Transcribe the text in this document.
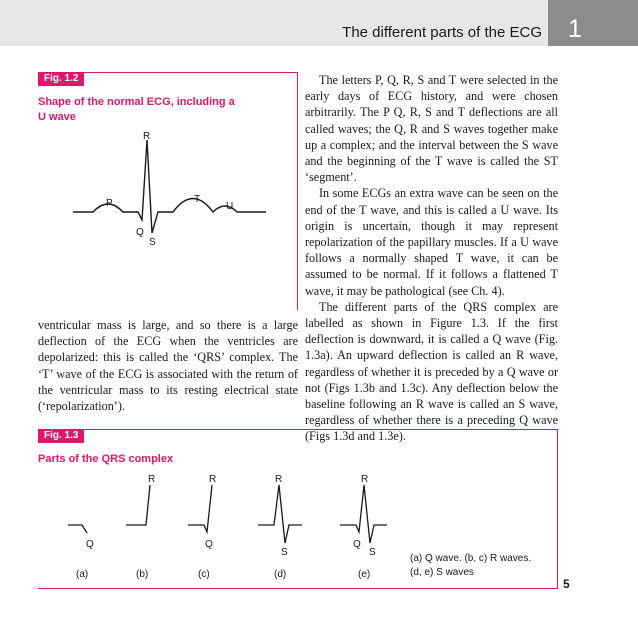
The different parts of the ECG 1
Fig. 1.2
Shape of the normal ECG, including a
U wave
P
Q
R
S
T
U

ventricular mass is large, and so there is a large deflection of the ECG when the ventricles are depolarized: this is called the ‘QRS’ complex. The ‘T’ wave of the ECG is associated with the return of the ventricular mass to its resting electrical state (‘repolarization’).

The letters P, Q, R, S and T were selected in the early days of ECG history, and were chosen arbitrarily. The P Q, R, S and T deflections are all called waves; the Q, R and S waves together make up a complex; and the interval between the S wave and the beginning of the T wave is called the ST ‘segment’.

In some ECGs an extra wave can be seen on the end of the T wave, and this is called a U wave. Its origin is uncertain, though it may represent repolarization of the papillary muscles. If a U wave follows a normally shaped T wave, it can be assumed to be normal. If it follows a flattened T wave, it may be pathological (see Ch. 4).

The different parts of the QRS complex are labelled as shown in Figure 1.3. If the first deflection is downward, it is called a Q wave (Fig. 1.3a). An upward deflection is called an R wave, regardless of whether it is preceded by a Q wave or not (Figs 1.3b and 1.3c). Any deflection below the baseline following an R wave is called an S wave, regardless of whether there is a preceding Q wave (Figs 1.3d and 1.3e).

Fig. 1.3
Parts of the QRS complex
Q
(a)
R
(b)
R
Q
(c)
R
S
(d)
R
Q
S
(e)
(a) Q wave. (b, c) R waves.
(d, e) S waves
5
